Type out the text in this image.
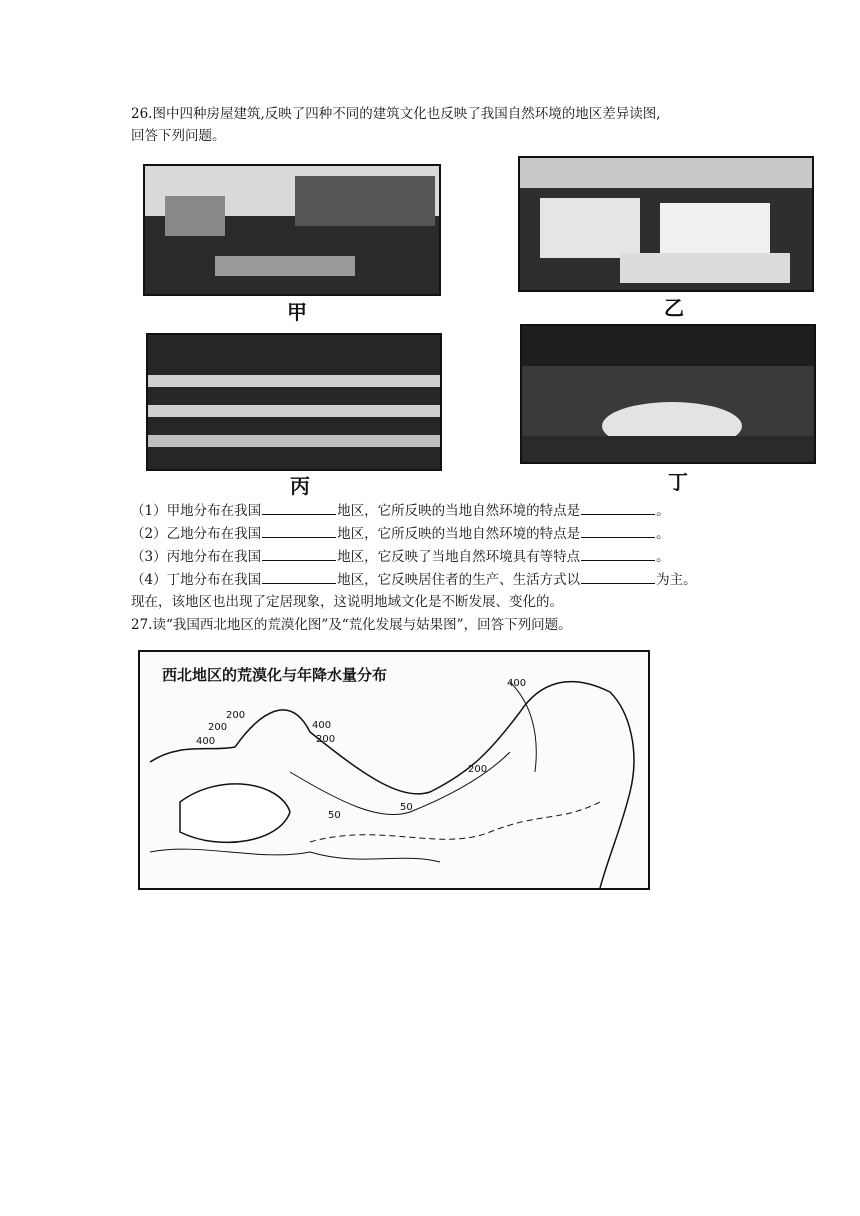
26.图中四种房屋建筑,反映了四种不同的建筑文化也反映了我国自然环境的地区差异读图,
回答下列问题。
甲	乙
丙	丁
（1）甲地分布在我国	地区，它所反映的当地自然环境的特点是	。
（2）乙地分布在我国	地区，它所反映的当地自然环境的特点是	。
（3）丙地分布在我国	地区，它反映了当地自然环境具有等特点	。
（4）丁地分布在我国	地区，它反映居住者的生产、生活方式以	为主。
现在，该地区也出现了定居现象，这说明地域文化是不断发展、变化的。
27.读“我国西北地区的荒漠化图”及“荒化发展与姑果图”，回答下列问题。
西北地区的荒漠化与年降水量分布	400
200
200
400
400
200
200
50
50
